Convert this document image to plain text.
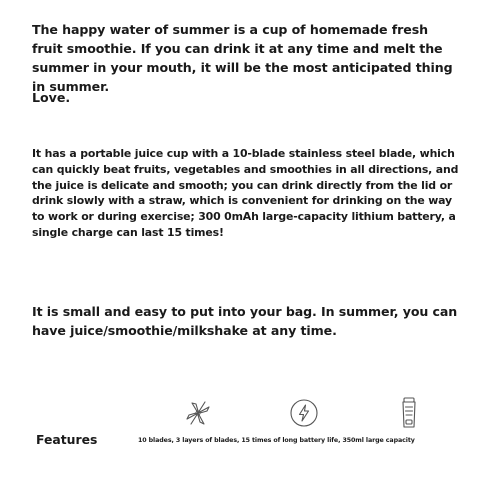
The happy water of summer is a cup of homemade fresh fruit smoothie. If you can drink it at any time and melt the summer in your mouth, it will be the most anticipated thing in summer.

Love.

It has a portable juice cup with a 10-blade stainless steel blade, which can quickly beat fruits, vegetables and smoothies in all directions, and the juice is delicate and smooth; you can drink directly from the lid or drink slowly with a straw, which is convenient for drinking on the way to work or during exercise; 300 0mAh large-capacity lithium battery, a single charge can last 15 times!

It is small and easy to put into your bag. In summer, you can have juice/smoothie/milkshake at any time.

Features	10 blades, 3 layers of blades, 15 times of long battery life, 350ml large capacity
